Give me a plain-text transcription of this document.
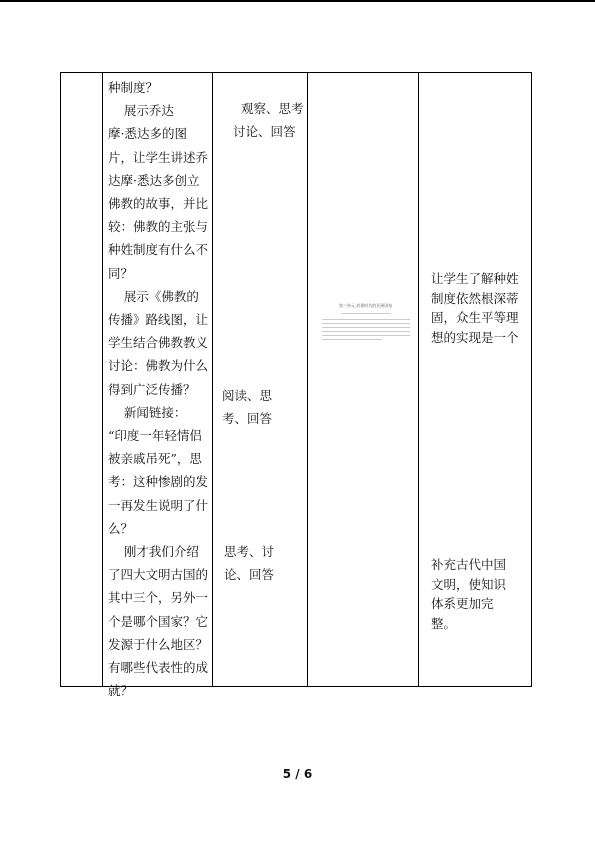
种制度？
展示乔达
摩·悉达多的图
片，让学生讲述乔
达摩·悉达多创立
佛教的故事，并比
较：佛教的主张与
种姓制度有什么不
同？
展示《佛教的
传播》路线图，让
学生结合佛教教义
讨论：佛教为什么
得到广泛传播？
新闻链接：
“印度一年轻情侣
被亲戚吊死”，思
考：这种惨剧的发
一再发生说明了什
么？
刚才我们介绍
了四大文明古国的
其中三个，另外一
个是哪个国家？它
发源于什么地区？
有哪些代表性的成
就？
观察、思考
讨论、回答
阅读、思
考、回答
思考、讨
论、回答
第三单元 封建时代的亚洲国家
让学生了解种姓
制度依然根深蒂
固，众生平等理
想的实现是一个
补充古代中国
文明，使知识
体系更加完
整。
5 / 6
